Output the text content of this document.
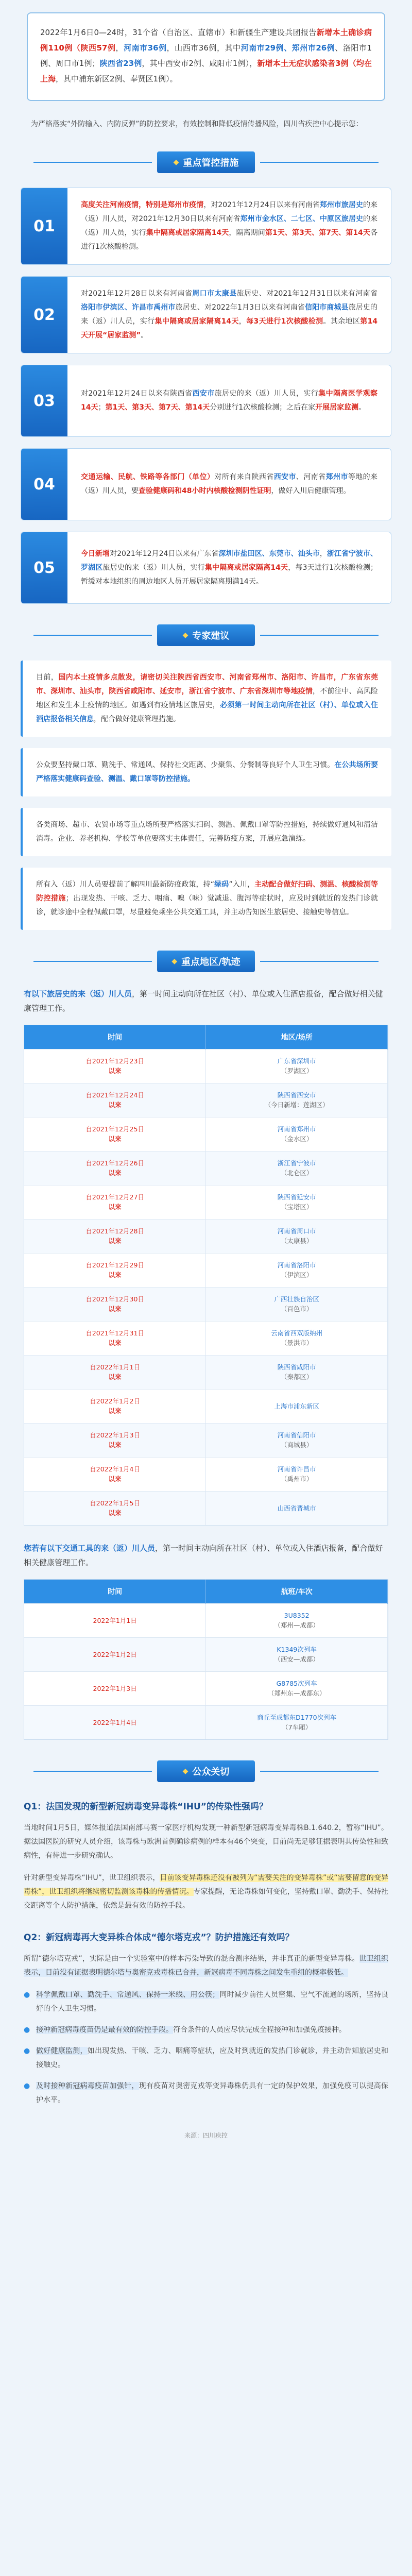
2022年1月6日0—24时，31个省（自治区、直辖市）和新疆生产建设兵团报告新增本土确诊病例110例（陕西57例，河南市36例，山西市36例，其中河南市29例、郑州市26例、洛阳市1例、周口市1例；陕西省23例，其中西安市2例、咸阳市1例），新增本土无症状感染者3例（均在上海，其中浦东新区2例、奉贤区1例）。

为严格落实“外防输入、内防反弹”的防控要求，有效控制和降低疫情传播风险，四川省疾控中心提示您：

◆ 重点管控措施
01
高度关注河南疫情，特别是郑州市疫情，对2021年12月24日以来有河南省郑州市旅居史的来（返）川人员，对2021年12月30日以来有河南省郑州市金水区、二七区、中原区旅居史的来（返）川人员，实行集中隔离或居家隔离14天，隔离期间第1天、第3天、第7天、第14天各进行1次核酸检测。
02
对2021年12月28日以来有河南省周口市太康县旅居史、对2021年12月31日以来有河南省洛阳市伊滨区、许昌市禹州市旅居史、对2022年1月3日以来有河南省信阳市商城县旅居史的来（返）川人员，实行集中隔离或居家隔离14天，每3天进行1次核酸检测。其余地区第14天开展“居家监测”。
03	对2021年12月24日以来有陕西省西安市旅居史的来（返）川人员，实行集中隔离医学观察14天；第1天、第3天、第7天、第14天分别进行1次核酸检测；之后在家开展居家监测。
04	交通运输、民航、铁路等各部门（单位）对所有来自陕西省西安市、河南省郑州市等地的来（返）川人员，要查验健康码和48小时内核酸检测阴性证明，做好入川后健康管理。
05
今日新增对2021年12月24日以来有广东省深圳市盐田区、东莞市、汕头市，浙江省宁波市、罗湖区旅居史的来（返）川人员，实行集中隔离或居家隔离14天，每3天进行1次核酸检测；暂缓对本地组织的周边地区人员开展居家隔离期满14天。
◆ 专家建议
目前，国内本土疫情多点散发，请密切关注陕西省西安市、河南省郑州市、洛阳市、许昌市，广东省东莞市、深圳市、汕头市，陕西省咸阳市、延安市，浙江省宁波市、广东省深圳市等地疫情，不前往中、高风险地区和发生本土疫情的地区。如遇到有疫情地区旅居史，必须第一时间主动向所在社区（村）、单位或入住酒店报备相关信息，配合做好健康管理措施。
公众要坚持戴口罩、勤洗手、常通风、保持社交距离、少聚集、分餐制等良好个人卫生习惯。在公共场所要严格落实健康码查验、测温、戴口罩等防控措施。
各类商场、超市、农贸市场等重点场所要严格落实扫码、测温、佩戴口罩等防控措施，持续做好通风和清洁消毒。企业、养老机构、学校等单位要落实主体责任，完善防疫方案，开展应急演练。
所有入（返）川人员要提前了解四川最新防疫政策，持“绿码”入川，主动配合做好扫码、测温、核酸检测等防控措施；出现发热、干咳、乏力、咽痛、嗅（味）觉减退、腹泻等症状时，应及时到就近的发热门诊就诊，就诊途中全程佩戴口罩，尽量避免乘坐公共交通工具，并主动告知医生旅居史、接触史等信息。
◆ 重点地区/轨迹

有以下旅居史的来（返）川人员，第一时间主动向所在社区（村）、单位或入住酒店报备，配合做好相关健康管理工作。

时间	地区/场所
自2021年12月23日
以来	广东省深圳市
（罗湖区）

自2021年12月24日
以来	陕西省西安市
（今日新增：莲湖区）

自2021年12月25日
以来	河南省郑州市
（金水区）

自2021年12月26日
以来	浙江省宁波市
（北仑区）

自2021年12月27日
以来	陕西省延安市
（宝塔区）

自2021年12月28日
以来	河南省周口市
（太康县）

自2021年12月29日
以来	河南省洛阳市
（伊滨区）

自2021年12月30日
以来	广西壮族自治区
（百色市）

自2021年12月31日
以来	云南省西双版纳州
（景洪市）

自2022年1月1日
以来	陕西省咸阳市
（秦都区）

自2022年1月2日
以来	上海市浦东新区
自2022年1月3日
以来	河南省信阳市
（商城县）

自2022年1月4日
以来	河南省许昌市
（禹州市）

自2022年1月5日
以来	山西省晋城市

您若有以下交通工具的来（返）川人员，第一时间主动向所在社区（村）、单位或入住酒店报备，配合做好相关健康管理工作。

时间	航班/车次
2022年1月1日	3U8352
（郑州—成都）

2022年1月2日	K1349次列车
（西安—成都）

2022年1月3日	G8785次列车
（郑州东—成都东）

2022年1月4日	商丘至成都东D1770次列车
（7车厢）
◆ 公众关切

Q1：法国发现的新型新冠病毒变异毒株“IHU”的传染性强吗？

当地时间1月5日，媒体报道法国南部马赛一家医疗机构发现一种新型新冠病毒变异毒株B.1.640.2，暂称“IHU”。据法国医院的研究人员介绍，该毒株与欧洲首例确诊病例的样本有46个突变，目前尚无足够证据表明其传染性和致病性，有待进一步研究确认。

针对新型变异毒株“IHU”，世卫组织表示，目前该变异毒株还没有被列为“需要关注的变异毒株”或“需要留意的变异毒株”，世卫组织将继续密切监测该毒株的传播情况。专家提醒，无论毒株如何变化，坚持戴口罩、勤洗手、保持社交距离等个人防护措施，依然是最有效的防控手段。

Q2：新冠病毒再大变异株合体成“德尔塔克戎”？防护措施还有效吗？

所谓“德尔塔克戎”，实际是由一个实验室中的样本污染导致的混合测序结果，并非真正的新型变异毒株。世卫组织表示，目前没有证据表明德尔塔与奥密克戎毒株已合并，新冠病毒不同毒株之间发生重组的概率极低。

● 科学佩戴口罩、勤洗手、常通风、保持一米线、用公筷；同时减少前往人员密集、空气不流通的场所，坚持良好的个人卫生习惯。
● 接种新冠病毒疫苗仍是最有效的防控手段。符合条件的人员应尽快完成全程接种和加强免疫接种。
● 做好健康监测，如出现发热、干咳、乏力、咽痛等症状，应及时到就近的发热门诊就诊，并主动告知旅居史和接触史。
● 及时接种新冠病毒疫苗加强针，现有疫苗对奥密克戎等变异毒株仍具有一定的保护效果，加强免疫可以提高保护水平。

来源：四川疾控
